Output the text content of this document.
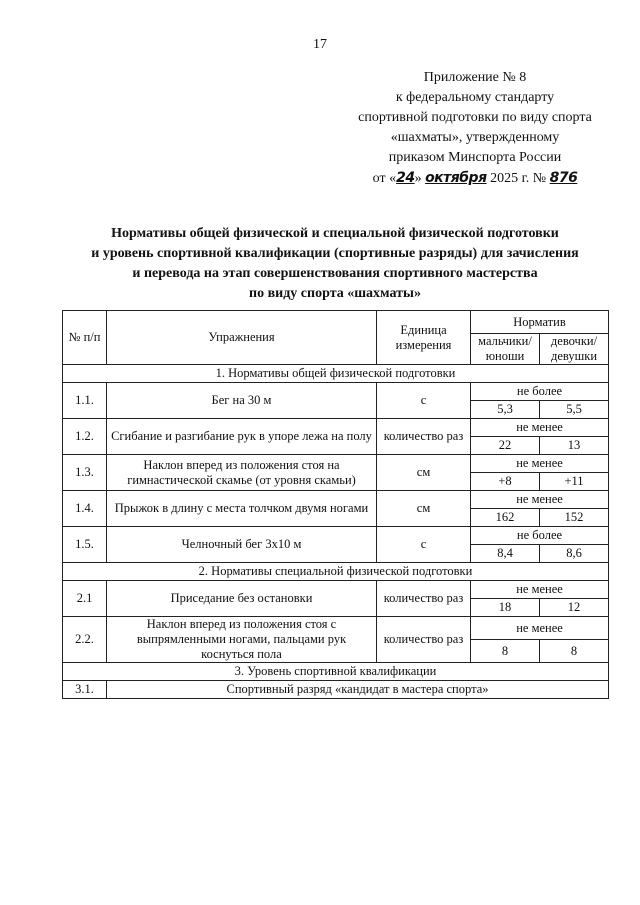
17
Приложение № 8
к федеральному стандарту
спортивной подготовки по виду спорта
«шахматы», утвержденному
приказом Минспорта России
от «24» октября 2025 г. № 876
Нормативы общей физической и специальной физической подготовки
и уровень спортивной квалификации (спортивные разряды) для зачисления
и перевода на этап совершенствования спортивного мастерства
по виду спорта «шахматы»
№ п/п	Упражнения	Единица измерения	Норматив	
			мальчики/ юноши	девочки/ девушки
1. Нормативы общей физической подготовки				
1.1.	Бег на 30 м	с	не более	
			5,3	5,5
1.2.	Сгибание и разгибание рук в упоре лежа на полу	количество раз	не менее	
			22	13
1.3.	Наклон вперед из положения стоя на гимнастической скамье (от уровня скамьи)	см	не менее	
			+8	+11
1.4.	Прыжок в длину с места толчком двумя ногами	см	не менее	
			162	152
1.5.	Челночный бег 3x10 м	с	не более	
			8,4	8,6
2. Нормативы специальной физической подготовки				
2.1	Приседание без остановки	количество раз	не менее	
			18	12
2.2.	Наклон вперед из положения стоя с выпрямленными ногами, пальцами рук коснуться пола	количество раз	не менее	
			8	8
3. Уровень спортивной квалификации				
3.1.	Спортивный разряд «кандидат в мастера спорта»			
